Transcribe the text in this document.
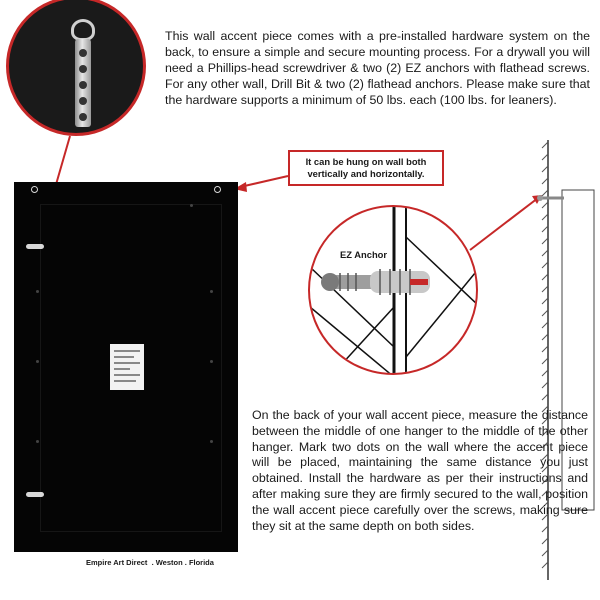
This wall accent piece comes with a pre-installed hardware system on the back, to ensure a simple and secure mounting process. For a drywall you will need a Phillips-head screwdriver & two (2) EZ anchors with flathead screws. For any other wall, Drill Bit & two (2) flathead anchors. Please make sure that the hardware supports a minimum of 50 lbs. each (100 lbs. for leaners).

It can be hung on wall both vertically and horizontally.
Empire Art Direct  . Weston . Florida
EZ Anchor

On the back of your wall accent piece, measure the distance between the middle of one hanger to the middle of the other hanger. Mark two dots on the wall where the accent piece will be placed, maintaining the same distance you just obtained. Install the hardware as per their instructions and after making sure they are firmly secured to the wall, position the wall accent piece carefully over the screws, making sure they sit at the same depth on both sides.
